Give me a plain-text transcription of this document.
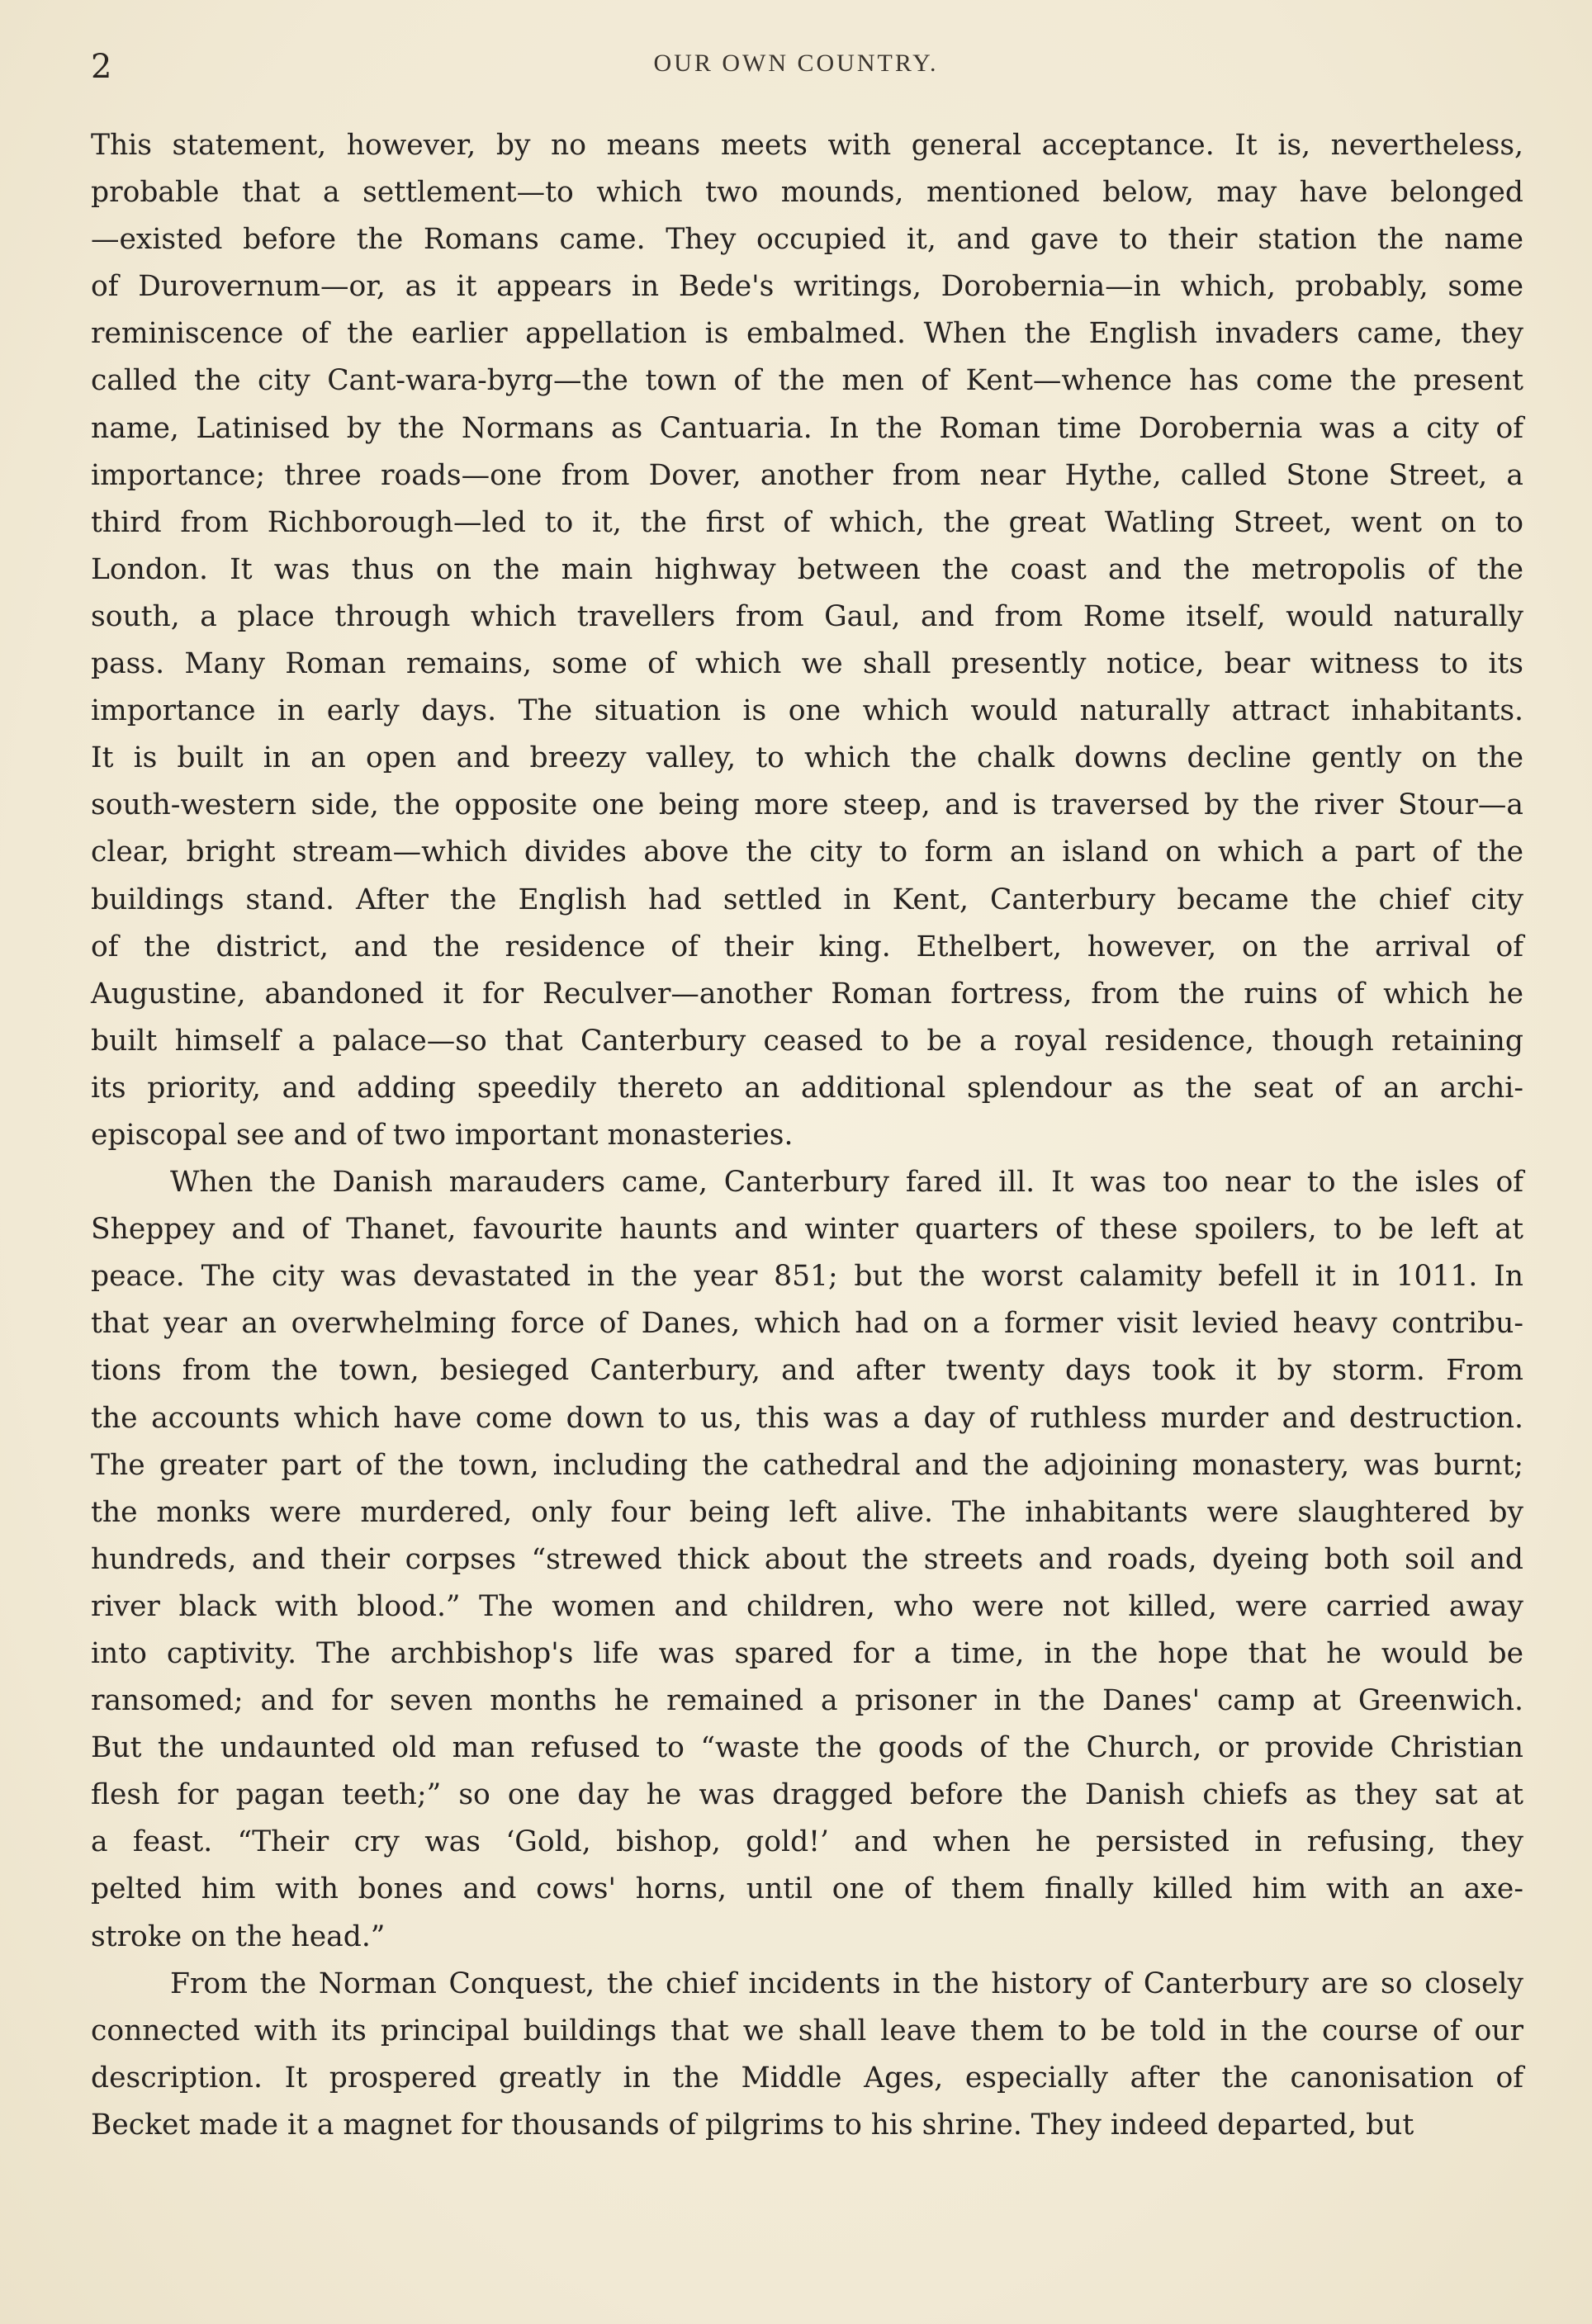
2	OUR OWN COUNTRY.
This statement, however, by no means meets with general acceptance. It is, nevertheless,
probable that a settlement—to which two mounds, mentioned below, may have belonged
—existed before the Romans came. They occupied it, and gave to their station the name
of Durovernum—or, as it appears in Bede's writings, Dorobernia—in which, probably, some
reminiscence of the earlier appellation is embalmed. When the English invaders came, they
called the city Cant-wara-byrg—the town of the men of Kent—whence has come the present
name, Latinised by the Normans as Cantuaria. In the Roman time Dorobernia was a city of
importance; three roads—one from Dover, another from near Hythe, called Stone Street, a
third from Richborough—led to it, the first of which, the great Watling Street, went on to
London. It was thus on the main highway between the coast and the metropolis of the
south, a place through which travellers from Gaul, and from Rome itself, would naturally
pass. Many Roman remains, some of which we shall presently notice, bear witness to its
importance in early days. The situation is one which would naturally attract inhabitants.
It is built in an open and breezy valley, to which the chalk downs decline gently on the
south-western side, the opposite one being more steep, and is traversed by the river Stour—a
clear, bright stream—which divides above the city to form an island on which a part of the
buildings stand. After the English had settled in Kent, Canterbury became the chief city
of the district, and the residence of their king. Ethelbert, however, on the arrival of
Augustine, abandoned it for Reculver—another Roman fortress, from the ruins of which he
built himself a palace—so that Canterbury ceased to be a royal residence, though retaining
its priority, and adding speedily thereto an additional splendour as the seat of an archi-
episcopal see and of two important monasteries.
When the Danish marauders came, Canterbury fared ill. It was too near to the isles of
Sheppey and of Thanet, favourite haunts and winter quarters of these spoilers, to be left at
peace. The city was devastated in the year 851; but the worst calamity befell it in 1011. In
that year an overwhelming force of Danes, which had on a former visit levied heavy contribu-
tions from the town, besieged Canterbury, and after twenty days took it by storm. From
the accounts which have come down to us, this was a day of ruthless murder and destruction.
The greater part of the town, including the cathedral and the adjoining monastery, was burnt;
the monks were murdered, only four being left alive. The inhabitants were slaughtered by
hundreds, and their corpses “strewed thick about the streets and roads, dyeing both soil and
river black with blood.” The women and children, who were not killed, were carried away
into captivity. The archbishop's life was spared for a time, in the hope that he would be
ransomed; and for seven months he remained a prisoner in the Danes' camp at Greenwich.
But the undaunted old man refused to “waste the goods of the Church, or provide Christian
flesh for pagan teeth;” so one day he was dragged before the Danish chiefs as they sat at
a feast. “Their cry was ‘Gold, bishop, gold!’ and when he persisted in refusing, they
pelted him with bones and cows' horns, until one of them finally killed him with an axe-
stroke on the head.”
From the Norman Conquest, the chief incidents in the history of Canterbury are so closely
connected with its principal buildings that we shall leave them to be told in the course of our
description. It prospered greatly in the Middle Ages, especially after the canonisation of
Becket made it a magnet for thousands of pilgrims to his shrine. They indeed departed, but
